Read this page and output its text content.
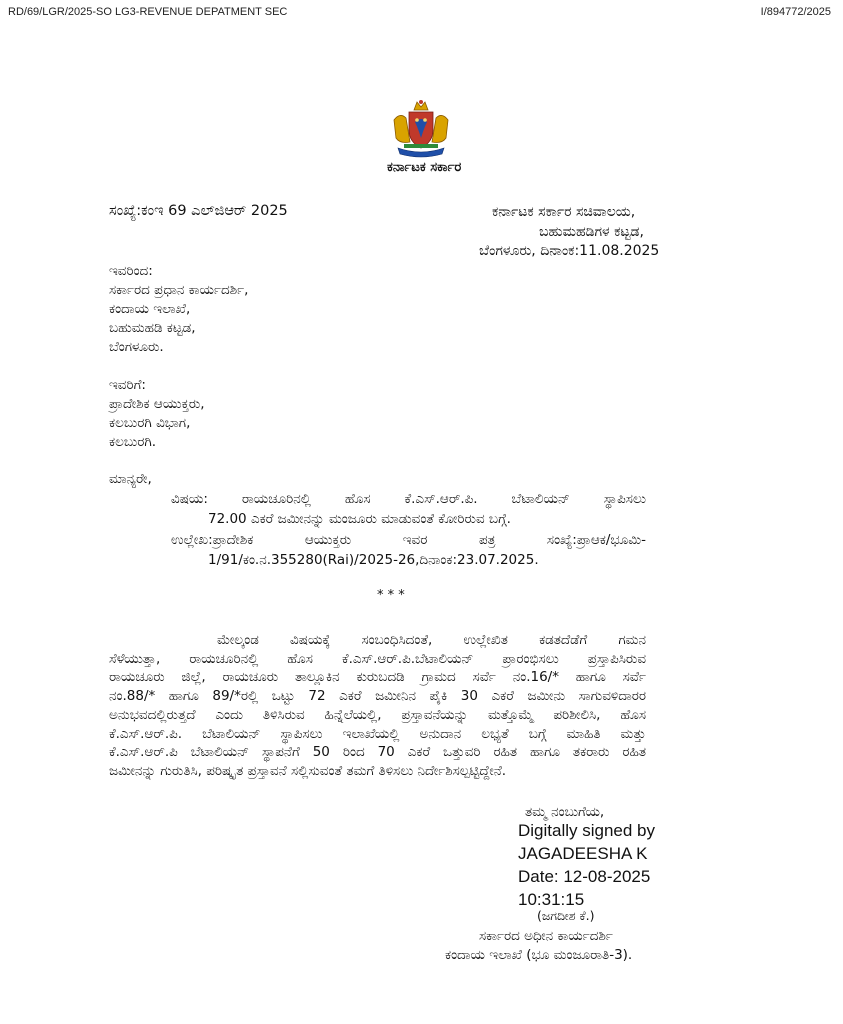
RD/69/LGR/2025-SO LG3-REVENUE DEPATMENT SEC	I/894772/2025
ಕರ್ನಾಟಕ ಸರ್ಕಾರ
ಸಂಖ್ಯೆ:ಕಂಇ 69 ಎಲ್‌ಜಿಆರ್ 2025	ಕರ್ನಾಟಕ ಸರ್ಕಾರ ಸಚಿವಾಲಯ,
ಬಹುಮಹಡಿಗಳ ಕಟ್ಟಡ,
ಬೆಂಗಳೂರು, ದಿನಾಂಕ:11.08.2025
ಇವರಿಂದ:
ಸರ್ಕಾರದ ಪ್ರಧಾನ ಕಾರ್ಯದರ್ಶಿ,
ಕಂದಾಯ ಇಲಾಖೆ,
ಬಹುಮಹಡಿ ಕಟ್ಟಡ,
ಬೆಂಗಳೂರು.
ಇವರಿಗೆ:
ಪ್ರಾದೇಶಿಕ ಆಯುಕ್ತರು,
ಕಲಬುರಗಿ ವಿಭಾಗ,
ಕಲಬುರಗಿ.
ಮಾನ್ಯರೇ,
ವಿಷಯ: ರಾಯಚೂರಿನಲ್ಲಿ ಹೊಸ ಕೆ.ಎಸ್.ಆರ್.ಪಿ. ಬೆಟಾಲಿಯನ್ ಸ್ಥಾಪಿಸಲು
72.00 ಎಕರೆ ಜಮೀನನ್ನು ಮಂಜೂರು ಮಾಡುವಂತೆ ಕೋರಿರುವ ಬಗ್ಗೆ.
ಉಲ್ಲೇಖ:ಪ್ರಾದೇಶಿಕ ಆಯುಕ್ತರು ಇವರ ಪತ್ರ ಸಂಖ್ಯೆ:ಪ್ರಾಆಕ/ಭೂಮಿ-
1/91/ಕಂ.ನ.355280(Rai)/2025-26,ದಿನಾಂಕ:23.07.2025.
* * *
ಮೇಲ್ಕಂಡ ವಿಷಯಕ್ಕೆ ಸಂಬಂಧಿಸಿದಂತೆ, ಉಲ್ಲೇಖಿತ ಕಡತದೆಡೆಗೆ ಗಮನ
ಸೆಳೆಯುತ್ತಾ, ರಾಯಚೂರಿನಲ್ಲಿ ಹೊಸ ಕೆ.ಎಸ್.ಆರ್.ಪಿ.ಬೆಟಾಲಿಯನ್ ಪ್ರಾರಂಭಿಸಲು ಪ್ರಸ್ತಾಪಿಸಿರುವ
ರಾಯಚೂರು ಜಿಲ್ಲೆ, ರಾಯಚೂರು ತಾಲ್ಲೂಕಿನ ಕುರುಬದಡಿ ಗ್ರಾಮದ ಸರ್ವೆ ನಂ.16/* ಹಾಗೂ ಸರ್ವೆ
ನಂ.88/* ಹಾಗೂ 89/*ರಲ್ಲಿ ಒಟ್ಟು 72 ಎಕರೆ ಜಮೀನಿನ ಪೈಕಿ 30 ಎಕರೆ ಜಮೀನು ಸಾಗುವಳಿದಾರರ
ಅನುಭವದಲ್ಲಿರುತ್ತದೆ ಎಂದು ತಿಳಿಸಿರುವ ಹಿನ್ನೆಲೆಯಲ್ಲಿ, ಪ್ರಸ್ತಾವನೆಯನ್ನು ಮತ್ತೊಮ್ಮೆ ಪರಿಶೀಲಿಸಿ, ಹೊಸ
ಕೆ.ಎಸ್.ಆರ್.ಪಿ. ಬೆಟಾಲಿಯನ್ ಸ್ಥಾಪಿಸಲು ಇಲಾಖೆಯಲ್ಲಿ ಅನುದಾನ ಲಭ್ಯತೆ ಬಗ್ಗೆ ಮಾಹಿತಿ ಮತ್ತು
ಕೆ.ಎಸ್.ಆರ್.ಪಿ ಬೆಟಾಲಿಯನ್ ಸ್ಥಾಪನೆಗೆ 50 ರಿಂದ 70 ಎಕರೆ ಒತ್ತುವರಿ ರಹಿತ ಹಾಗೂ ತಕರಾರು ರಹಿತ
ಜಮೀನನ್ನು ಗುರುತಿಸಿ, ಪರಿಷ್ಕೃತ ಪ್ರಸ್ತಾವನೆ ಸಲ್ಲಿಸುವಂತೆ ತಮಗೆ ತಿಳಿಸಲು ನಿರ್ದೇಶಿಸಲ್ಪಟ್ಟಿದ್ದೇನೆ.
ತಮ್ಮ ನಂಬುಗೆಯ,
Digitally signed by
JAGADEESHA K
Date: 12-08-2025
10:31:15
(ಜಗದೀಶ ಕೆ.)
ಸರ್ಕಾರದ ಅಧೀನ ಕಾರ್ಯದರ್ಶಿ
ಕಂದಾಯ ಇಲಾಖೆ (ಭೂ ಮಂಜೂರಾತಿ-3).
